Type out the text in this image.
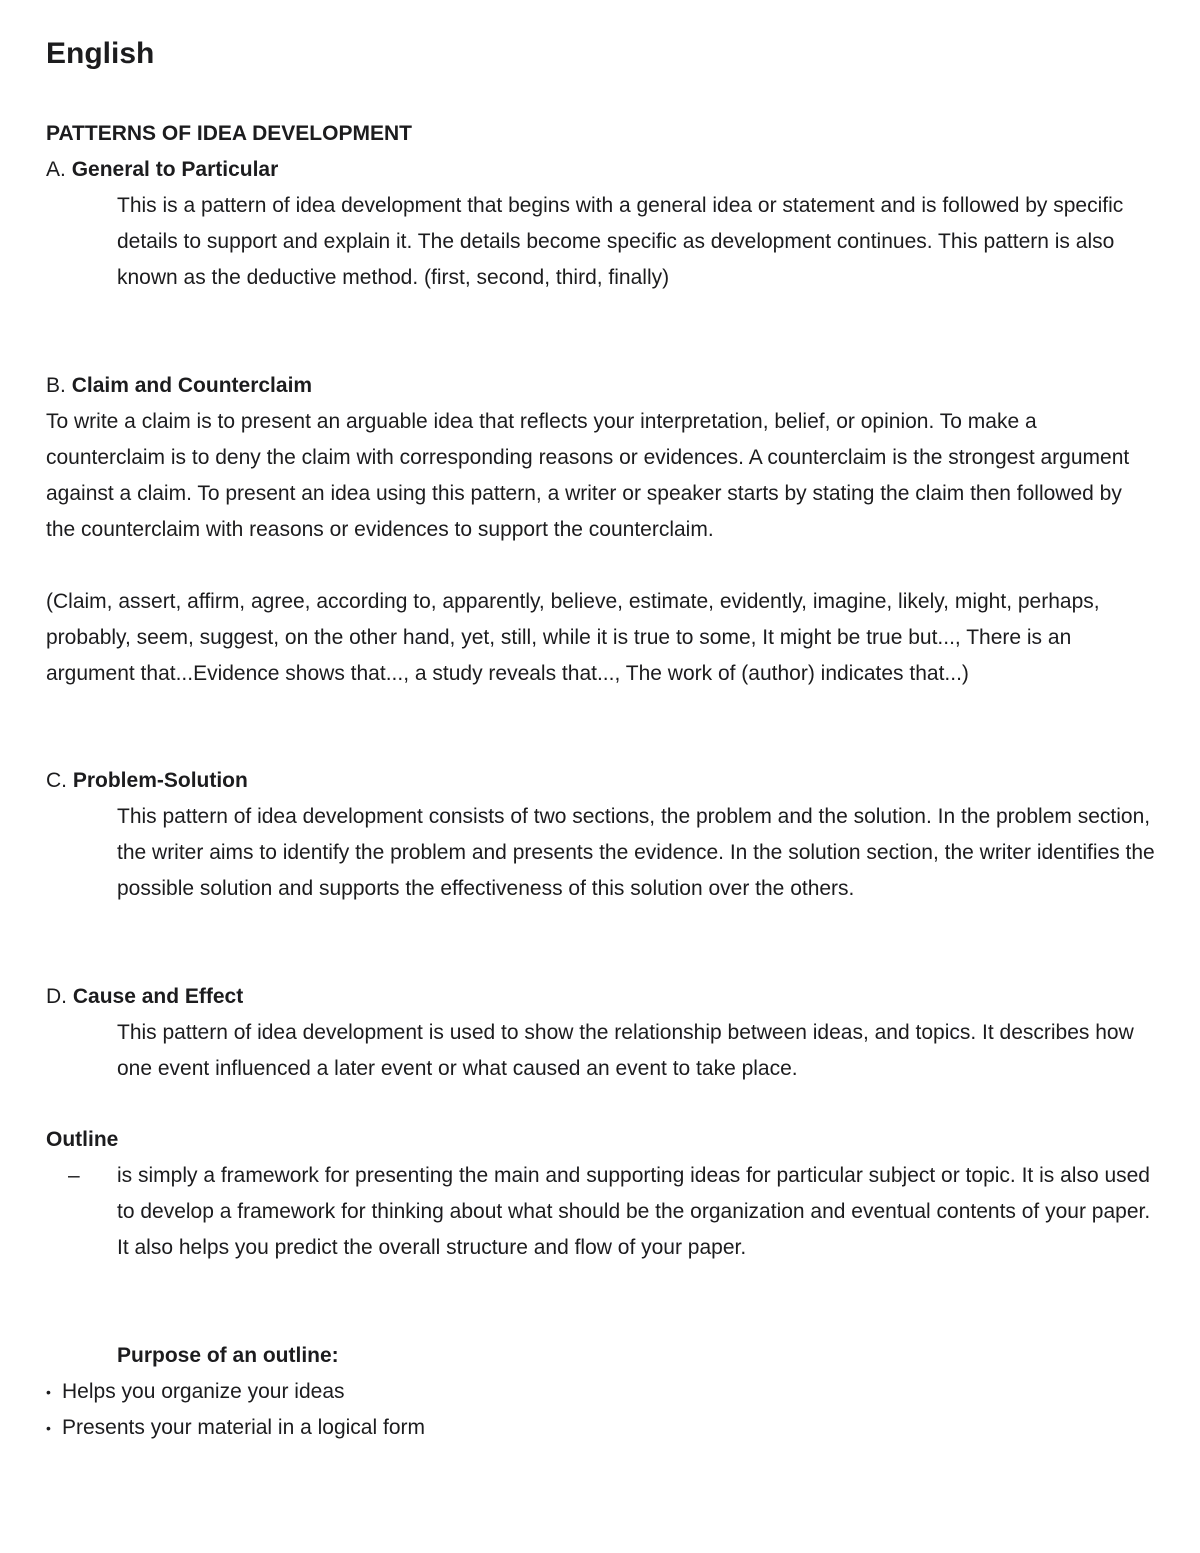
English
PATTERNS OF IDEA DEVELOPMENT
A. General to Particular
This is a pattern of idea development that begins with a general idea or statement and is followed by specific details to support and explain it. The details become specific as development continues. This pattern is also known as the deductive method. (first, second, third, finally)
B. Claim and Counterclaim
To write a claim is to present an arguable idea that reflects your interpretation, belief, or opinion. To make a counterclaim is to deny the claim with corresponding reasons or evidences. A counterclaim is the strongest argument against a claim. To present an idea using this pattern, a writer or speaker starts by stating the claim then followed by the counterclaim with reasons or evidences to support the counterclaim.
(Claim, assert, affirm, agree, according to, apparently, believe, estimate, evidently, imagine, likely, might, perhaps, probably, seem, suggest, on the other hand, yet, still, while it is true to some, It might be true but..., There is an argument that...Evidence shows that..., a study reveals that..., The work of (author) indicates that...)
C. Problem-Solution
This pattern of idea development consists of two sections, the problem and the solution. In the problem section, the writer aims to identify the problem and presents the evidence. In the solution section, the writer identifies the possible solution and supports the effectiveness of this solution over the others.
D. Cause and Effect
This pattern of idea development is used to show the relationship between ideas, and topics. It describes how one event influenced a later event or what caused an event to take place.
Outline
– is simply a framework for presenting the main and supporting ideas for particular subject or topic. It is also used to develop a framework for thinking about what should be the organization and eventual contents of your paper. It also helps you predict the overall structure and flow of your paper.
Purpose of an outline:
• Helps you organize your ideas
• Presents your material in a logical form
